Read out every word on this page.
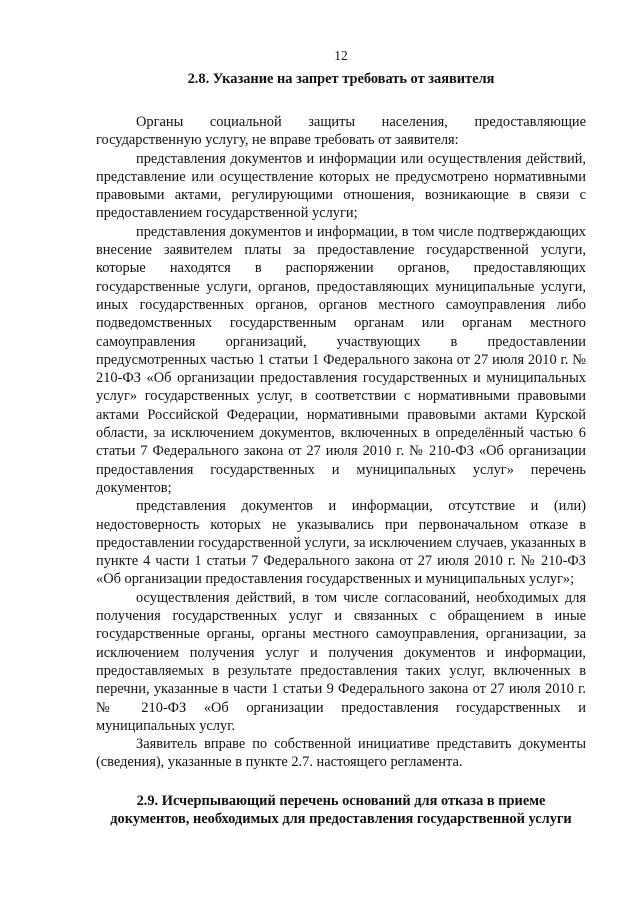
12
2.8. Указание на запрет требовать от заявителя

Органы социальной защиты населения, предоставляющие государственную услугу, не вправе требовать от заявителя:

представления документов и информации или осуществления действий, представление или осуществление которых не предусмотрено нормативными правовыми актами, регулирующими отношения, возникающие в связи с предоставлением государственной услуги;

представления документов и информации, в том числе подтверждающих внесение заявителем платы за предоставление государственной услуги, которые находятся в распоряжении органов, предоставляющих государственные услуги, органов, предоставляющих муниципальные услуги, иных государственных органов, органов местного самоуправления либо подведомственных государственным органам или органам местного самоуправления организаций, участвующих в предоставлении предусмотренных частью 1 статьи 1 Федерального закона от 27 июля 2010 г. № 210-ФЗ «Об организации предоставления государственных и муниципальных услуг» государственных услуг, в соответствии с нормативными правовыми актами Российской Федерации, нормативными правовыми актами Курской области, за исключением документов, включенных в определённый частью 6 статьи 7 Федерального закона от 27 июля 2010 г. № 210-ФЗ «Об организации предоставления государственных и муниципальных услуг» перечень документов;

представления документов и информации, отсутствие и (или) недостоверность которых не указывались при первоначальном отказе в предоставлении государственной услуги, за исключением случаев, указанных в пункте 4 части 1 статьи 7 Федерального закона от 27 июля 2010 г. № 210-ФЗ «Об организации предоставления государственных и муниципальных услуг»;

осуществления действий, в том числе согласований, необходимых для получения государственных услуг и связанных с обращением в иные государственные органы, органы местного самоуправления, организации, за исключением получения услуг и получения документов и информации, предоставляемых в результате предоставления таких услуг, включенных в перечни, указанные в части 1 статьи 9 Федерального закона от 27 июля 2010 г. № 210-ФЗ «Об организации предоставления государственных и муниципальных услуг.

Заявитель вправе по собственной инициативе представить документы (сведения), указанные в пункте 2.7. настоящего регламента.

2.9. Исчерпывающий перечень оснований для отказа в приеме
документов, необходимых для предоставления государственной услуги
